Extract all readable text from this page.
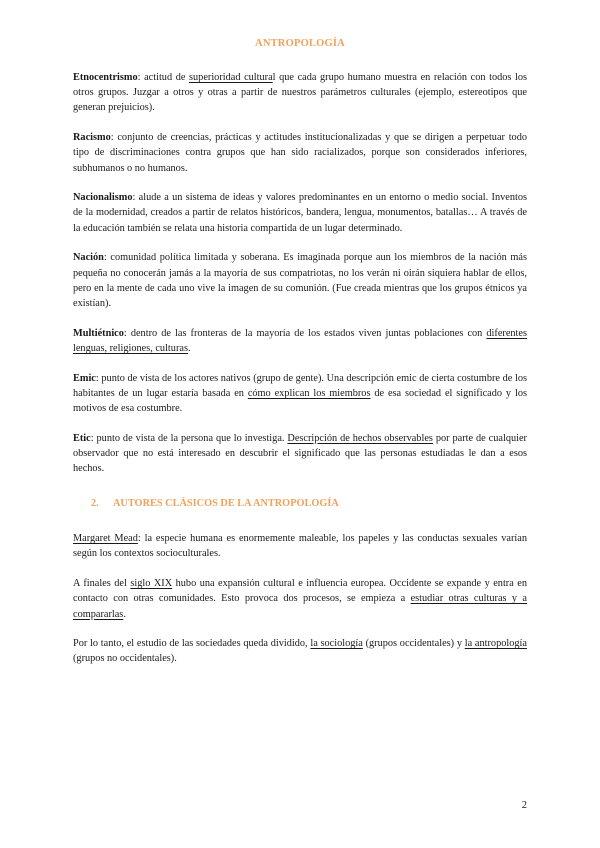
ANTROPOLOGÍA

Etnocentrismo: actitud de superioridad cultural que cada grupo humano muestra en relación con todos los otros grupos. Juzgar a otros y otras a partir de nuestros parámetros culturales (ejemplo, estereotipos que generan prejuicios).

Racismo: conjunto de creencias, prácticas y actitudes institucionalizadas y que se dirigen a perpetuar todo tipo de discriminaciones contra grupos que han sido racializados, porque son considerados inferiores, subhumanos o no humanos.

Nacionalismo: alude a un sistema de ideas y valores predominantes en un entorno o medio social. Inventos de la modernidad, creados a partir de relatos históricos, bandera, lengua, monumentos, batallas… A través de la educación también se relata una historia compartida de un lugar determinado.

Nación: comunidad política limitada y soberana. Es imaginada porque aun los miembros de la nación más pequeña no conocerán jamás a la mayoría de sus compatriotas, no los verán ni oirán siquiera hablar de ellos, pero en la mente de cada uno vive la imagen de su comunión. (Fue creada mientras que los grupos étnicos ya existían).

Multiétnico: dentro de las fronteras de la mayoría de los estados viven juntas poblaciones con diferentes lenguas, religiones, culturas.

Emic: punto de vista de los actores nativos (grupo de gente). Una descripción emic de cierta costumbre de los habitantes de un lugar estaría basada en cómo explican los miembros de esa sociedad el significado y los motivos de esa costumbre.

Etic: punto de vista de la persona que lo investiga. Descripción de hechos observables por parte de cualquier observador que no está interesado en descubrir el significado que las personas estudiadas le dan a esos hechos.

2. AUTORES CLÁSICOS DE LA ANTROPOLOGÍA

Margaret Mead: la especie humana es enormemente maleable, los papeles y las conductas sexuales varían según los contextos socioculturales.

A finales del siglo XIX hubo una expansión cultural e influencia europea. Occidente se expande y entra en contacto con otras comunidades. Esto provoca dos procesos, se empieza a estudiar otras culturas y a compararlas.

Por lo tanto, el estudio de las sociedades queda dividido, la sociología (grupos occidentales) y la antropología (grupos no occidentales).

2
